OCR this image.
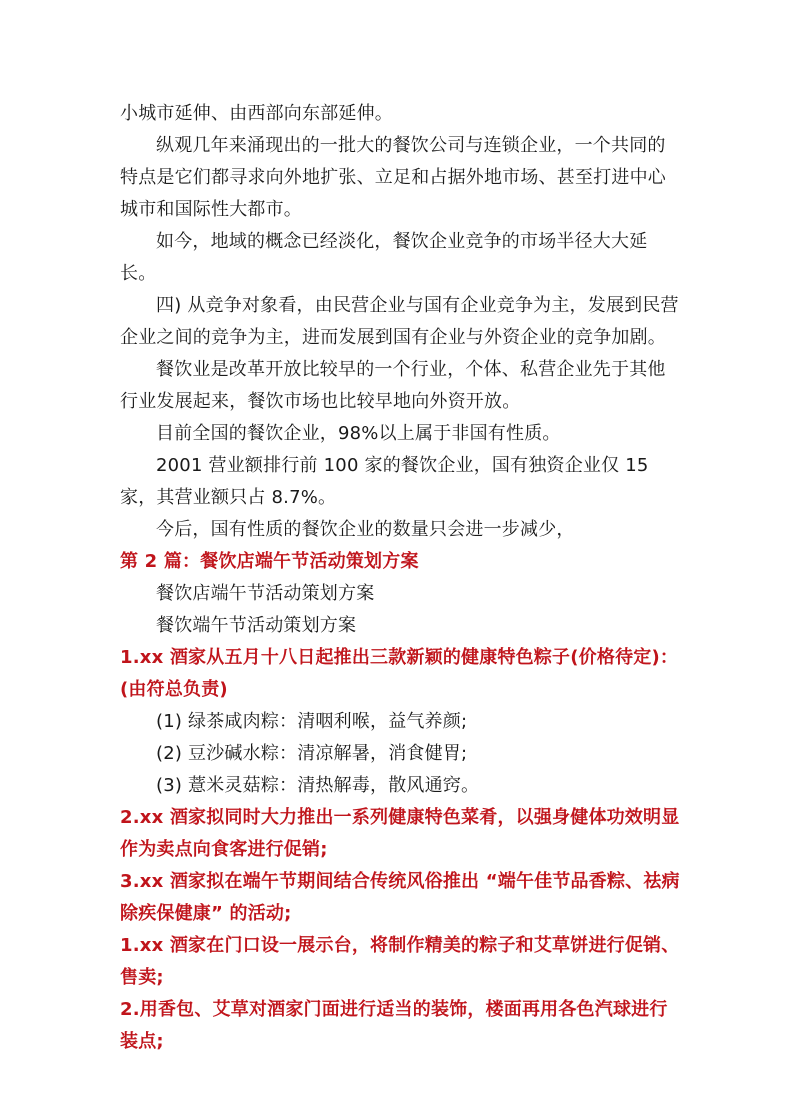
小城市延伸、由西部向东部延伸。

纵观几年来涌现出的一批大的餐饮公司与连锁企业，一个共同的特点是它们都寻求向外地扩张、立足和占据外地市场、甚至打进中心城市和国际性大都市。

如今，地域的概念已经淡化，餐饮企业竞争的市场半径大大延长。

四) 从竞争对象看，由民营企业与国有企业竞争为主，发展到民营企业之间的竞争为主，进而发展到国有企业与外资企业的竞争加剧。

餐饮业是改革开放比较早的一个行业，个体、私营企业先于其他行业发展起来，餐饮市场也比较早地向外资开放。

目前全国的餐饮企业，98%以上属于非国有性质。

2001 营业额排行前 100 家的餐饮企业，国有独资企业仅 15 家，其营业额只占 8.7%。

今后，国有性质的餐饮企业的数量只会进一步减少，

第 2 篇：餐饮店端午节活动策划方案

餐饮店端午节活动策划方案

餐饮端午节活动策划方案

1.xx 酒家从五月十八日起推出三款新颖的健康特色粽子(价格待定)：(由符总负责)

(1) 绿茶咸肉粽：清咽利喉，益气养颜;

(2) 豆沙碱水粽：清凉解暑，消食健胃;

(3) 薏米灵菇粽：清热解毒，散风通窍。

2.xx 酒家拟同时大力推出一系列健康特色菜肴，以强身健体功效明显作为卖点向食客进行促销;

3.xx 酒家拟在端午节期间结合传统风俗推出 “端午佳节品香粽、祛病除疾保健康” 的活动;

1.xx 酒家在门口设一展示台，将制作精美的粽子和艾草饼进行促销、售卖;

2.用香包、艾草对酒家门面进行适当的装饰，楼面再用各色汽球进行装点;
